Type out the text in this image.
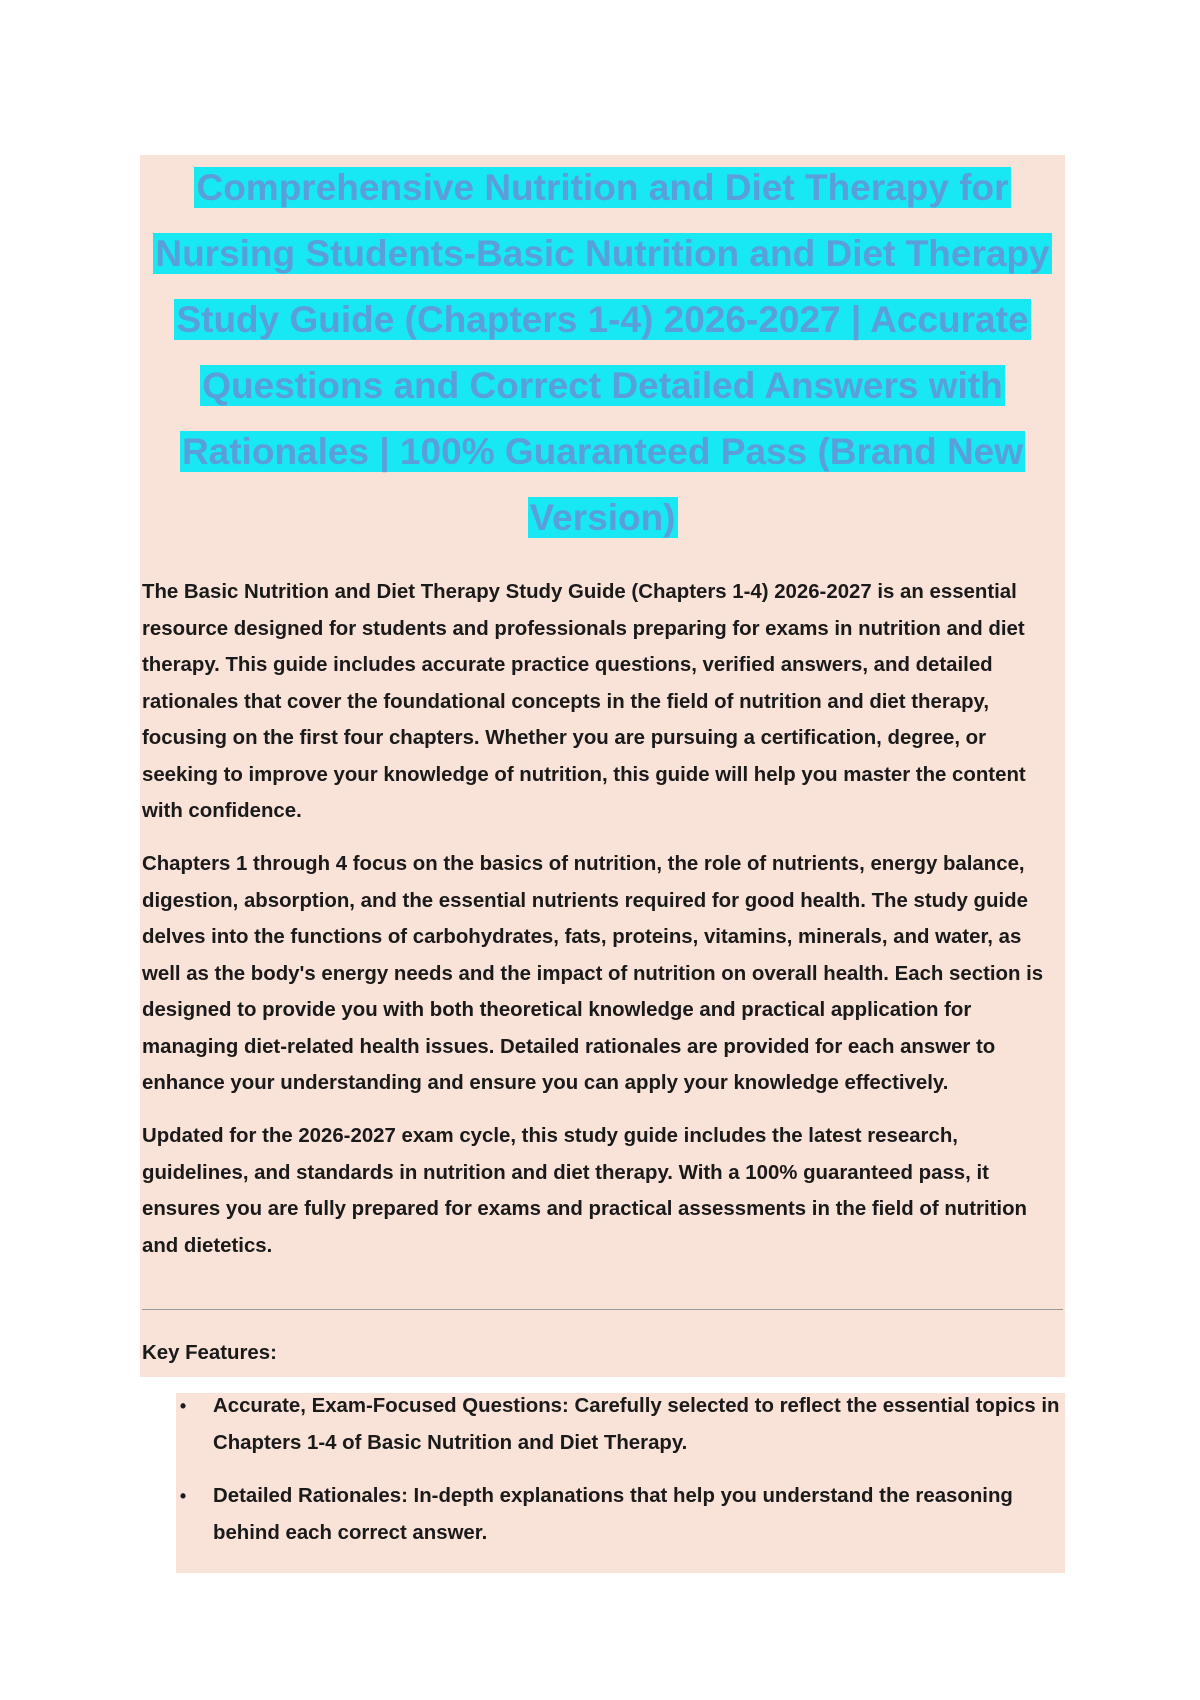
Comprehensive Nutrition and Diet Therapy for
Nursing Students-Basic Nutrition and Diet Therapy
Study Guide (Chapters 1-4) 2026-2027 | Accurate
Questions and Correct Detailed Answers with
Rationales | 100% Guaranteed Pass (Brand New
Version)

The Basic Nutrition and Diet Therapy Study Guide (Chapters 1-4) 2026-2027 is an essential resource designed for students and professionals preparing for exams in nutrition and diet therapy. This guide includes accurate practice questions, verified answers, and detailed rationales that cover the foundational concepts in the field of nutrition and diet therapy, focusing on the first four chapters. Whether you are pursuing a certification, degree, or seeking to improve your knowledge of nutrition, this guide will help you master the content with confidence.

Chapters 1 through 4 focus on the basics of nutrition, the role of nutrients, energy balance, digestion, absorption, and the essential nutrients required for good health. The study guide delves into the functions of carbohydrates, fats, proteins, vitamins, minerals, and water, as well as the body's energy needs and the impact of nutrition on overall health. Each section is designed to provide you with both theoretical knowledge and practical application for managing diet-related health issues. Detailed rationales are provided for each answer to enhance your understanding and ensure you can apply your knowledge effectively.

Updated for the 2026-2027 exam cycle, this study guide includes the latest research, guidelines, and standards in nutrition and diet therapy. With a 100% guaranteed pass, it ensures you are fully prepared for exams and practical assessments in the field of nutrition and dietetics.

Key Features:

• Accurate, Exam-Focused Questions: Carefully selected to reflect the essential topics in Chapters 1-4 of Basic Nutrition and Diet Therapy.
• Detailed Rationales: In-depth explanations that help you understand the reasoning behind each correct answer.
